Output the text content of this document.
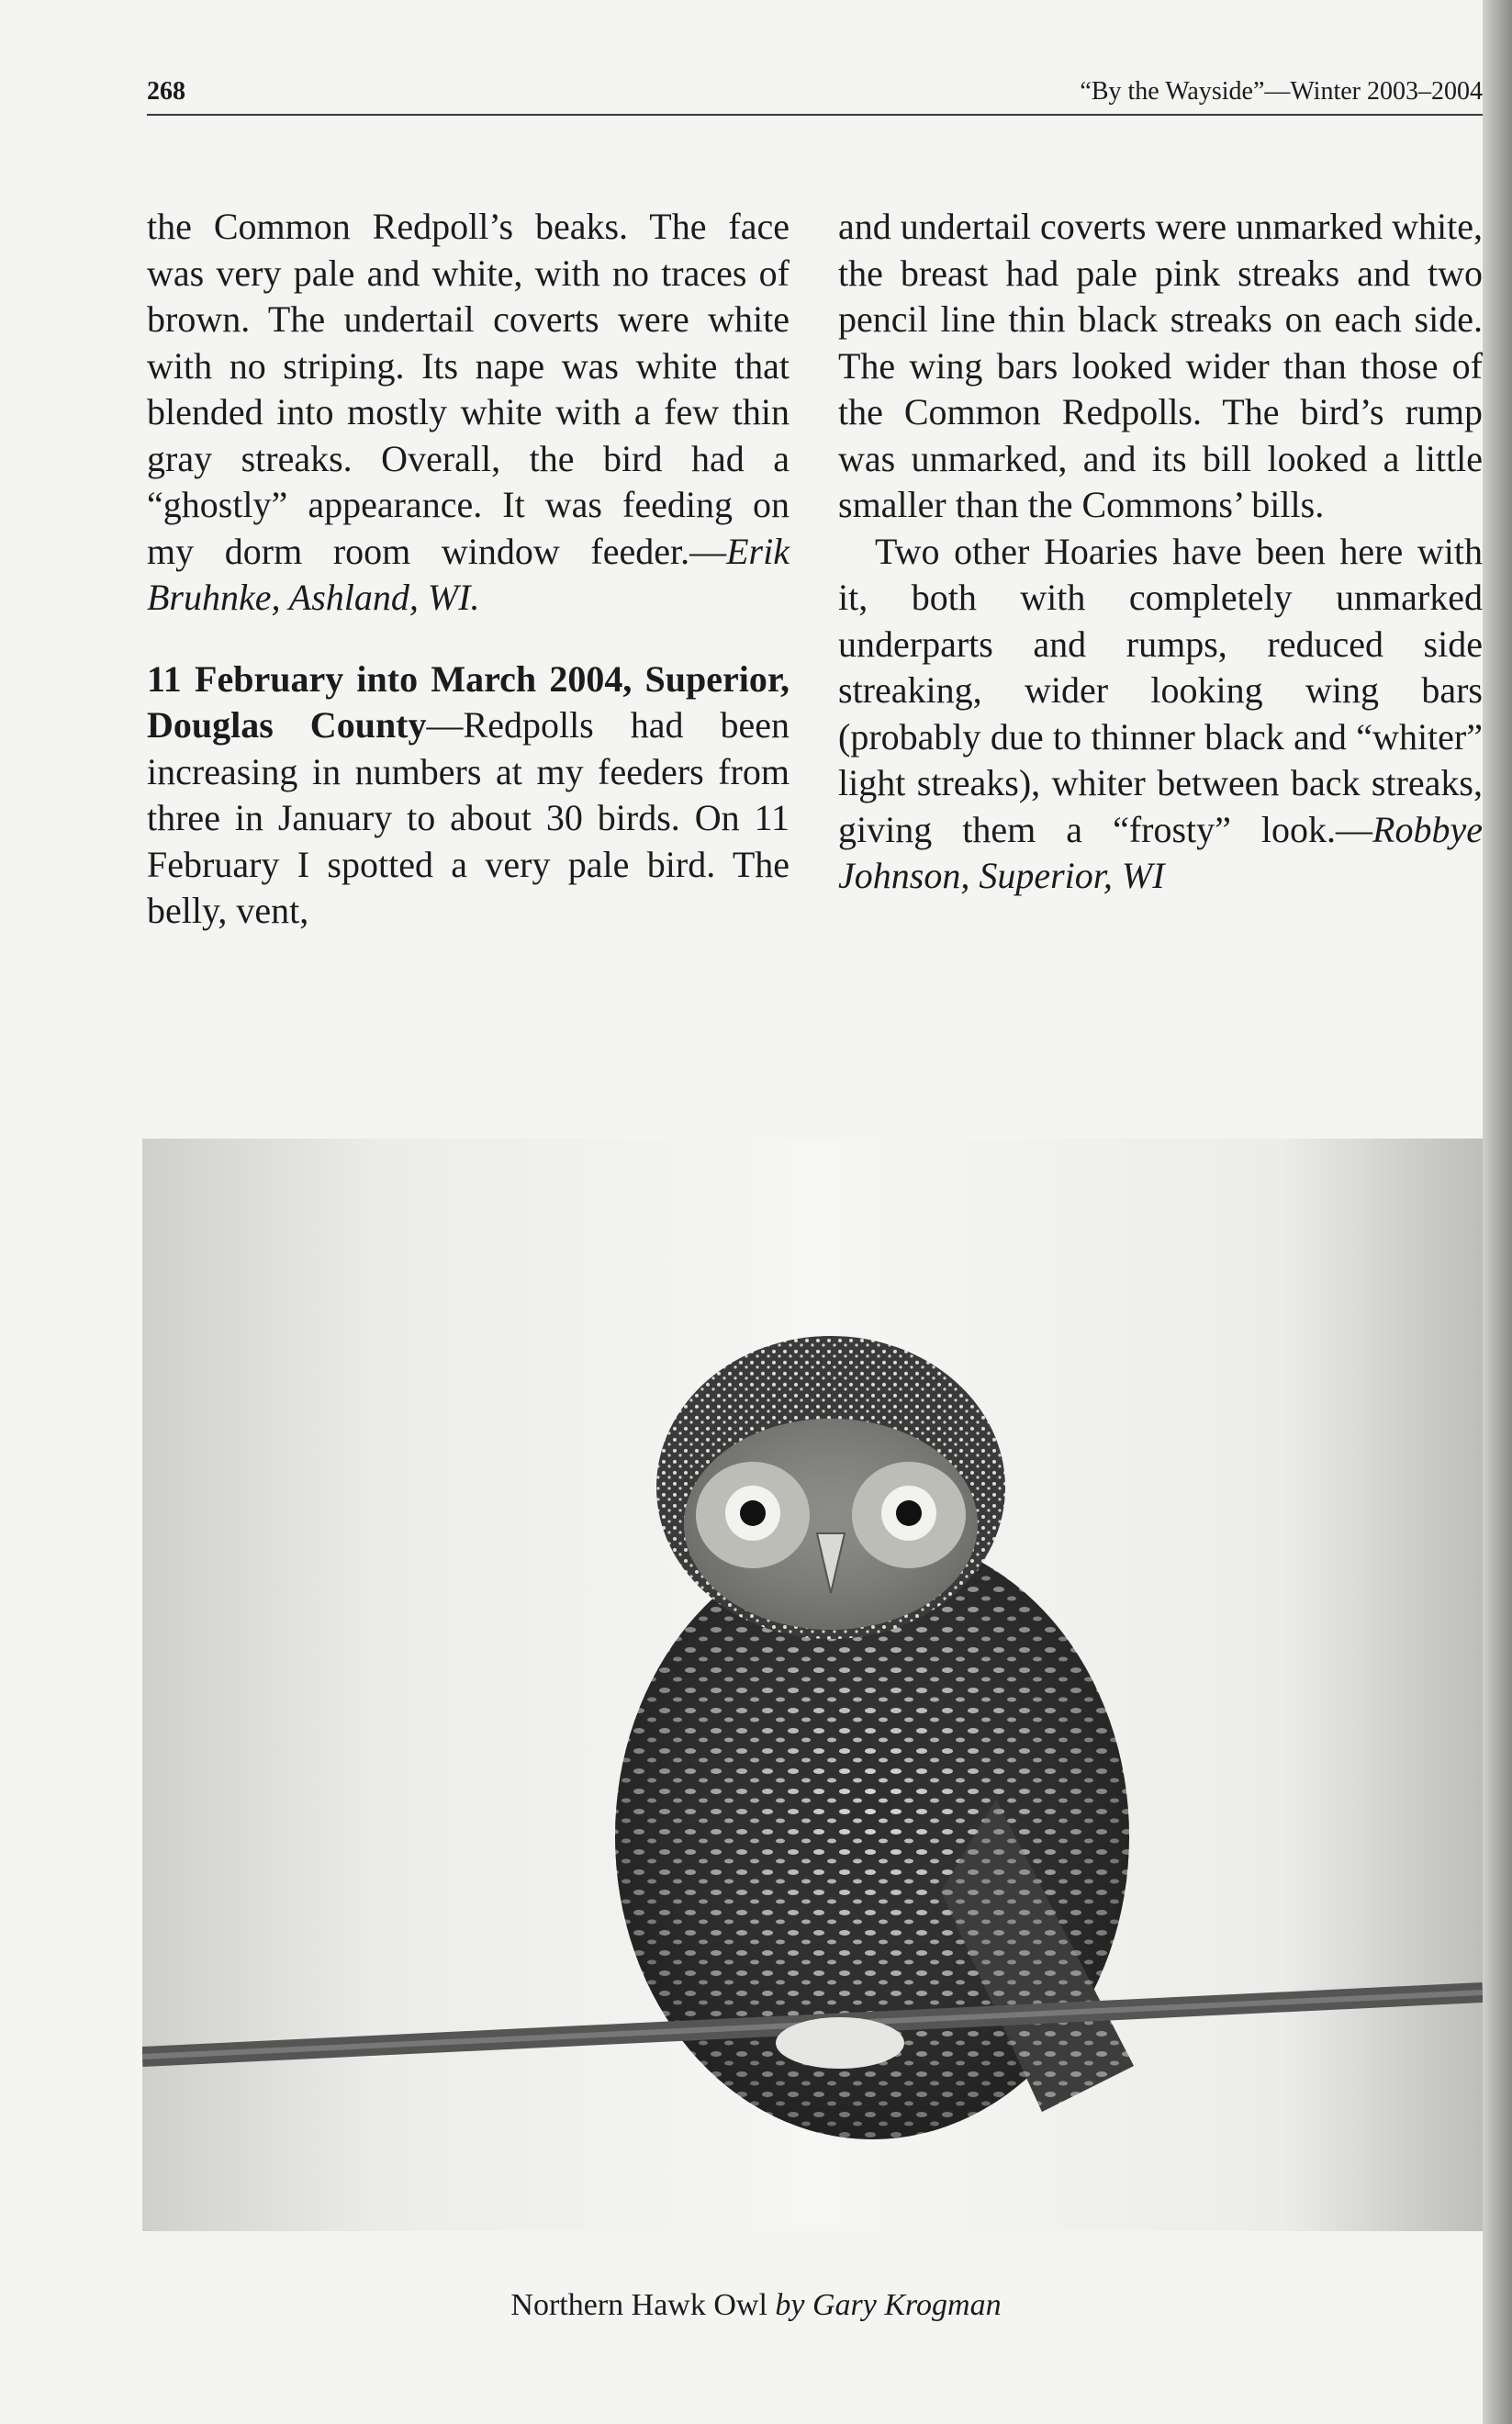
268	“By the Wayside”—Winter 2003–2004

the Common Redpoll’s beaks. The face was very pale and white, with no traces of brown. The undertail coverts were white with no striping. Its nape was white that blended into mostly white with a few thin gray streaks. Overall, the bird had a “ghostly” appearance. It was feeding on my dorm room window feeder.—Erik Bruhnke, Ashland, WI.

11 February into March 2004, Superior, Douglas County—Redpolls had been increasing in numbers at my feeders from three in January to about 30 birds. On 11 February I spotted a very pale bird. The belly, vent,

and undertail coverts were unmarked white, the breast had pale pink streaks and two pencil line thin black streaks on each side. The wing bars looked wider than those of the Common Redpolls. The bird’s rump was unmarked, and its bill looked a little smaller than the Commons’ bills.

Two other Hoaries have been here with it, both with completely unmarked underparts and rumps, reduced side streaking, wider looking wing bars (probably due to thinner black and “whiter” light streaks), whiter between back streaks, giving them a “frosty” look.—Robbye Johnson, Superior, WI

Northern Hawk Owl by Gary Krogman
